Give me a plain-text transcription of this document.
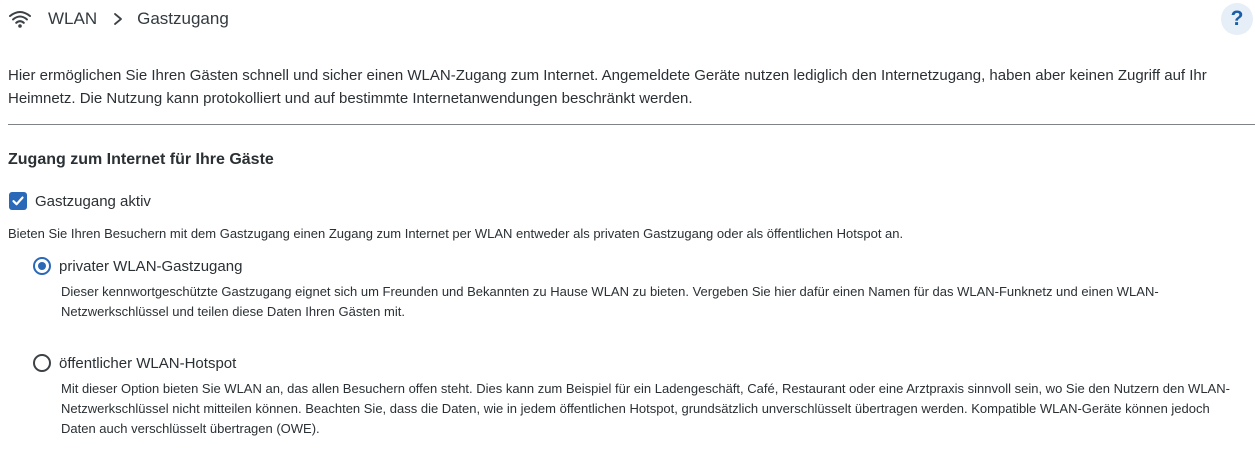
WLAN Gastzugang	?
Hier ermöglichen Sie Ihren Gästen schnell und sicher einen WLAN-Zugang zum Internet. Angemeldete Geräte nutzen lediglich den Internetzugang, haben aber keinen Zugriff auf Ihr Heimnetz. Die Nutzung kann protokolliert und auf bestimmte Internetanwendungen beschränkt werden.
Zugang zum Internet für Ihre Gäste
Gastzugang aktiv
Bieten Sie Ihren Besuchern mit dem Gastzugang einen Zugang zum Internet per WLAN entweder als privaten Gastzugang oder als öffentlichen Hotspot an.
privater WLAN-Gastzugang
Dieser kennwortgeschützte Gastzugang eignet sich um Freunden und Bekannten zu Hause WLAN zu bieten. Vergeben Sie hier dafür einen Namen für das WLAN-Funknetz und einen WLAN-Netzwerkschlüssel und teilen diese Daten Ihren Gästen mit.
öffentlicher WLAN-Hotspot
Mit dieser Option bieten Sie WLAN an, das allen Besuchern offen steht. Dies kann zum Beispiel für ein Ladengeschäft, Café, Restaurant oder eine Arztpraxis sinnvoll sein, wo Sie den Nutzern den WLAN-Netzwerkschlüssel nicht mitteilen können. Beachten Sie, dass die Daten, wie in jedem öffentlichen Hotspot, grundsätzlich unverschlüsselt übertragen werden. Kompatible WLAN-Geräte können jedoch Daten auch verschlüsselt übertragen (OWE).
